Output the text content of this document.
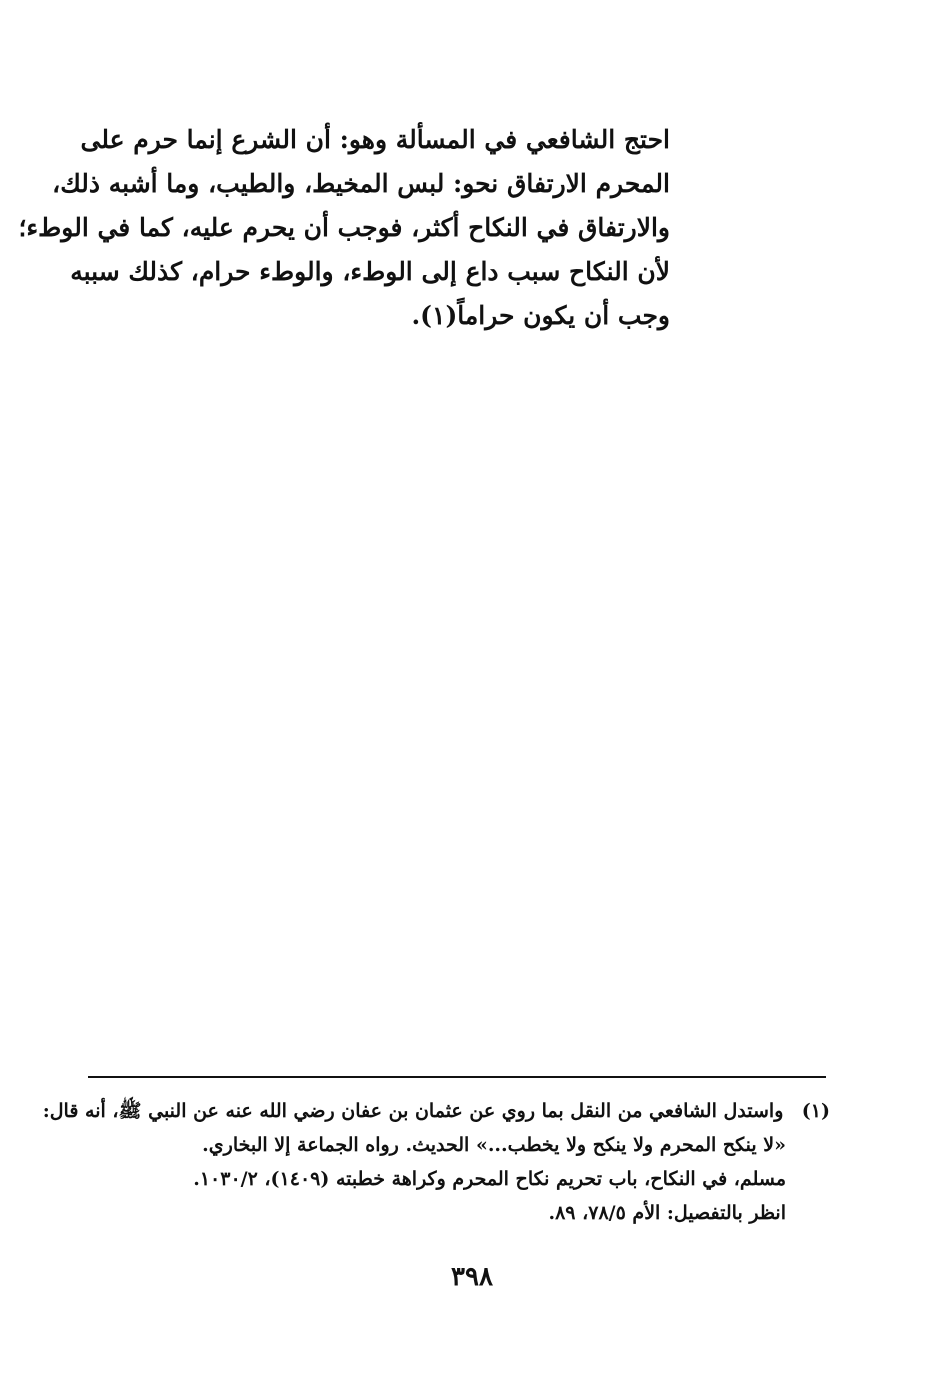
احتج الشافعي في المسألة وهو: أن الشرع إنما حرم على
المحرم الارتفاق نحو: لبس المخيط، والطيب، وما أشبه ذلك،
والارتفاق في النكاح أكثر، فوجب أن يحرم عليه، كما في الوطء؛
لأن النكاح سبب داع إلى الوطء، والوطء حرام، كذلك سببه
وجب أن يكون حراماً(١).
(١) واستدل الشافعي من النقل بما روي عن عثمان بن عفان رضي الله عنه عن النبي ﷺ، أنه قال:
«لا ينكح المحرم ولا ينكح ولا يخطب...» الحديث. رواه الجماعة إلا البخاري.
مسلم، في النكاح، باب تحريم نكاح المحرم وكراهة خطبته (١٤٠٩)، ١٠٣٠/٢.
انظر بالتفصيل: الأم ٧٨/٥، ٨٩.
٣٩٨
